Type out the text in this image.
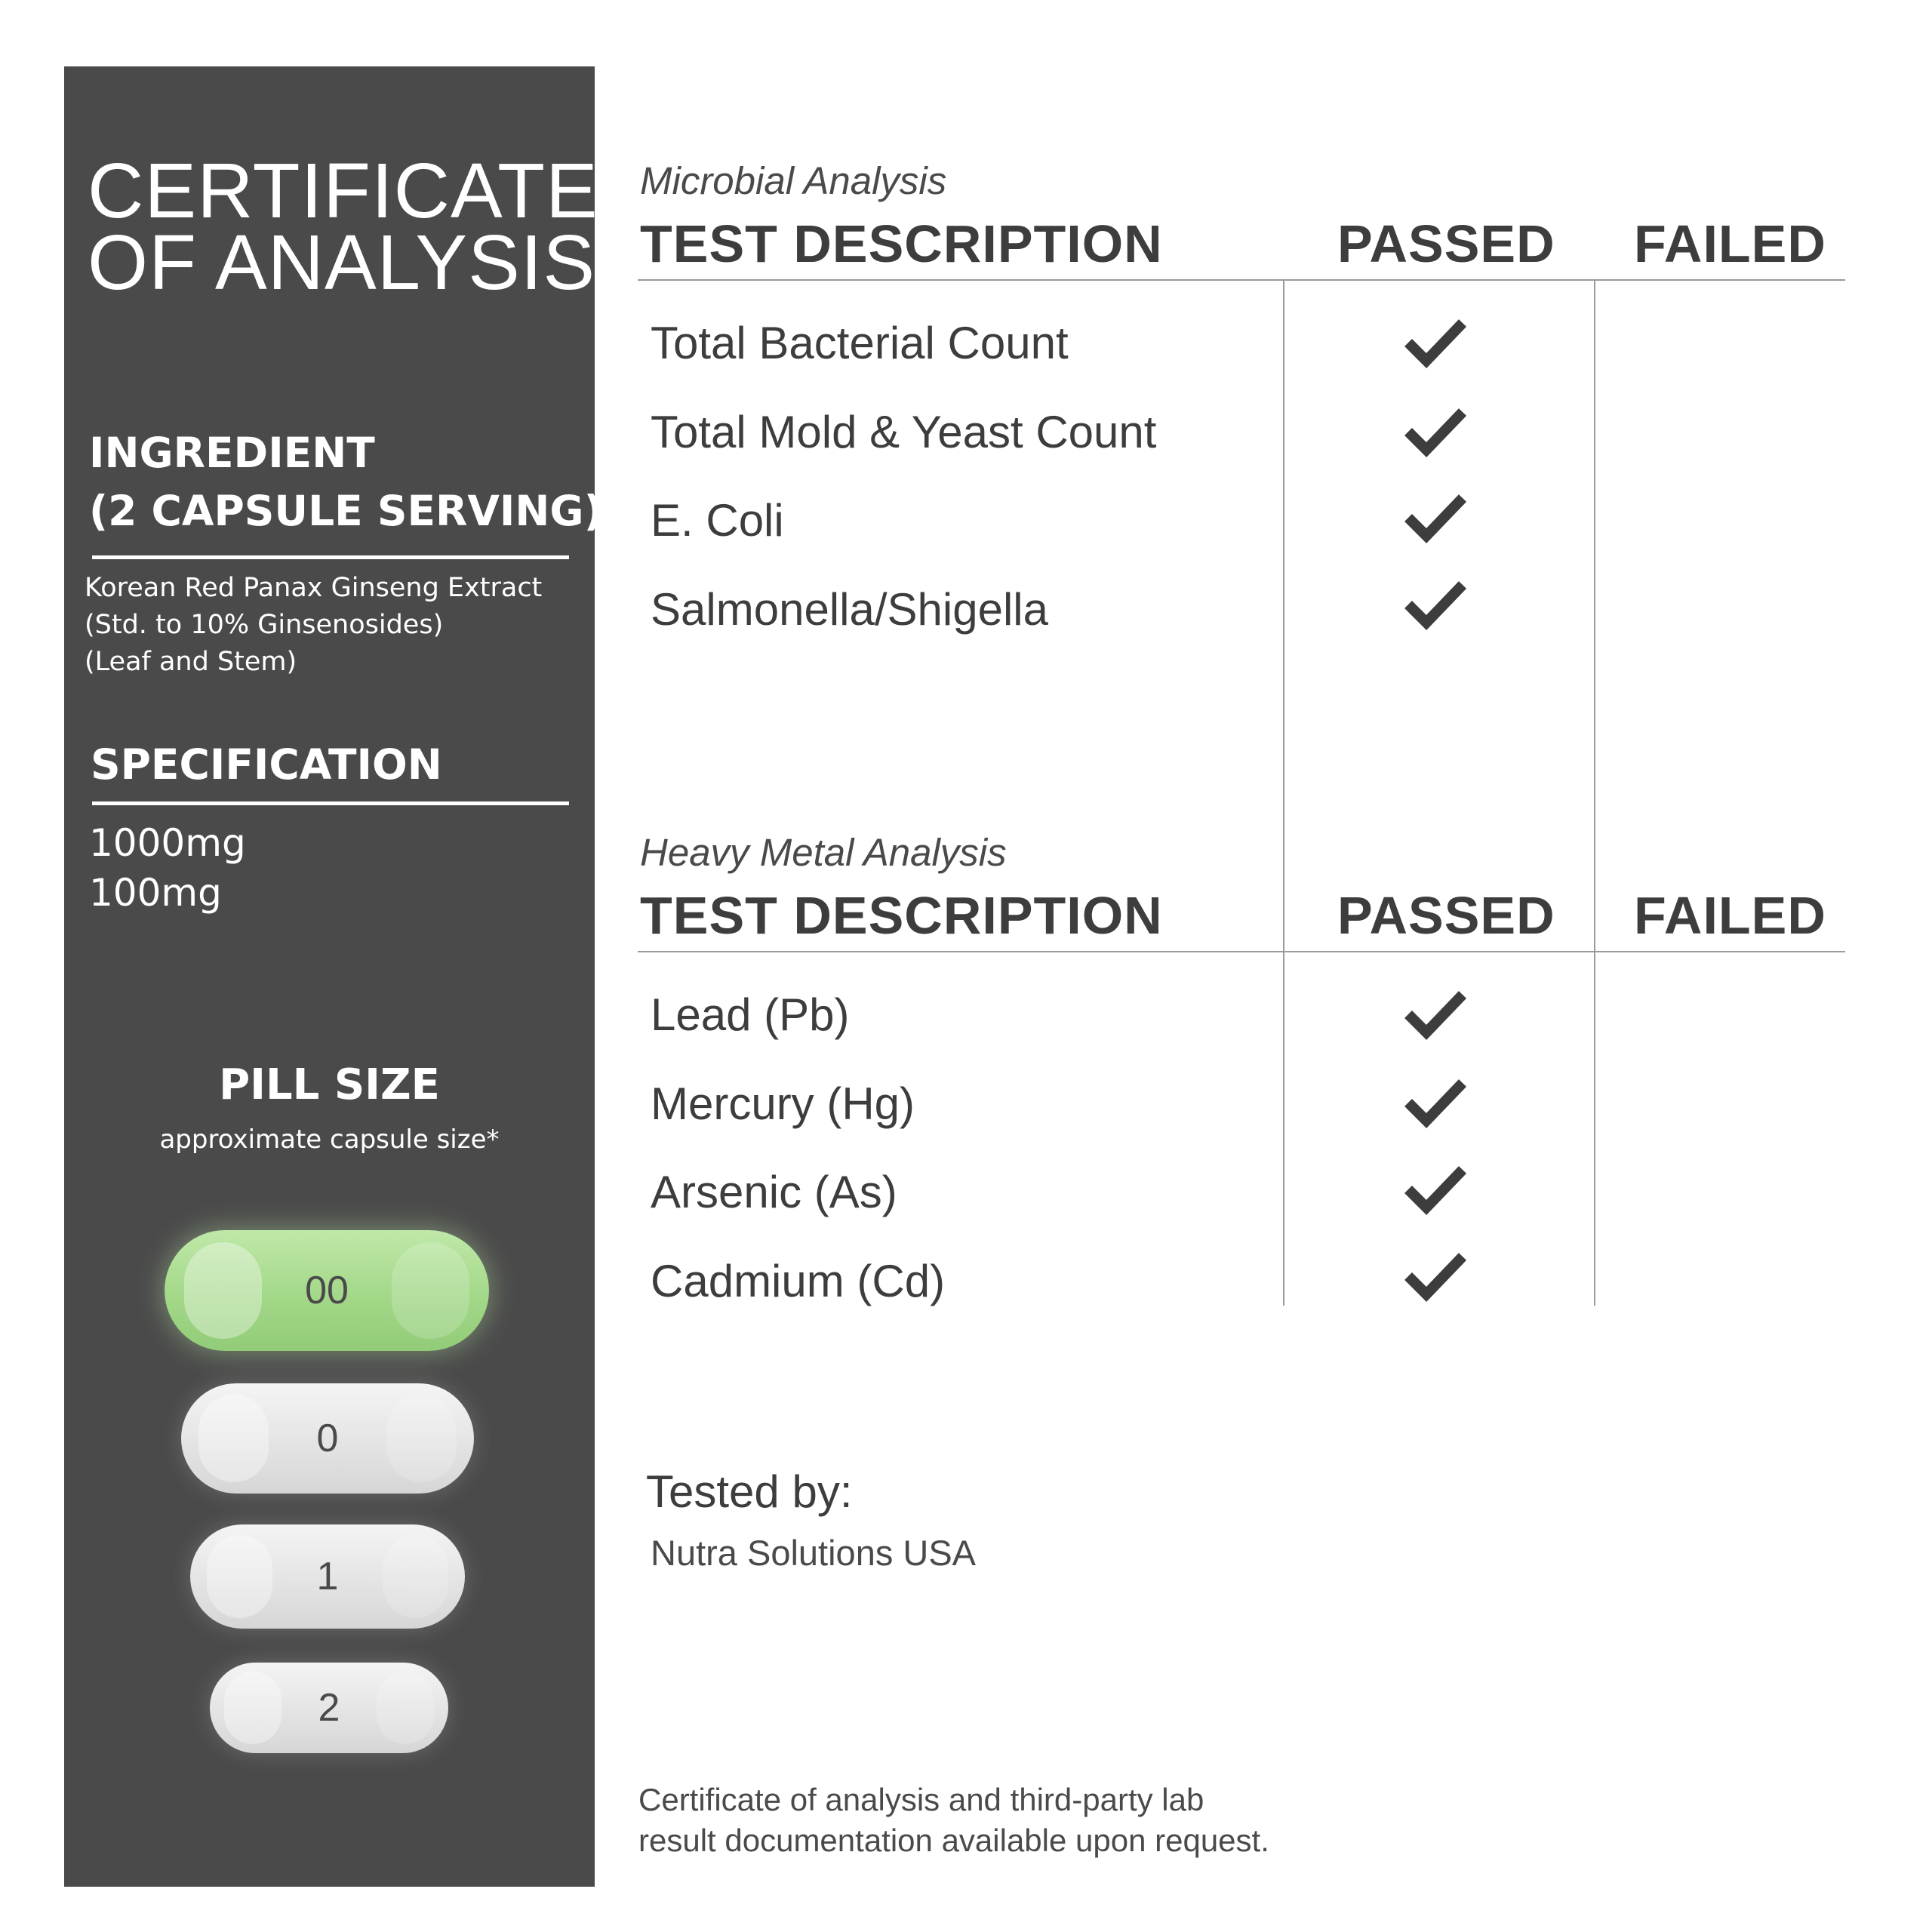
CERTIFICATE
OF ANALYSIS
INGREDIENT
(2 CAPSULE SERVING)
Korean Red Panax Ginseng Extract
(Std. to 10% Ginsenosides)
(Leaf and Stem)
SPECIFICATION
1000mg
100mg
PILL SIZE
approximate capsule size*
00
0
1
2
Microbial Analysis
TEST DESCRIPTION	PASSED FAILED
Total Bacterial Count
Total Mold & Yeast Count
E. Coli
Salmonella/Shigella
Heavy Metal Analysis
TEST DESCRIPTION	PASSED FAILED
Lead (Pb)
Mercury (Hg)
Arsenic (As)
Cadmium (Cd)
Tested by:
Nutra Solutions USA
Certificate of analysis and third-party lab
result documentation available upon request.
